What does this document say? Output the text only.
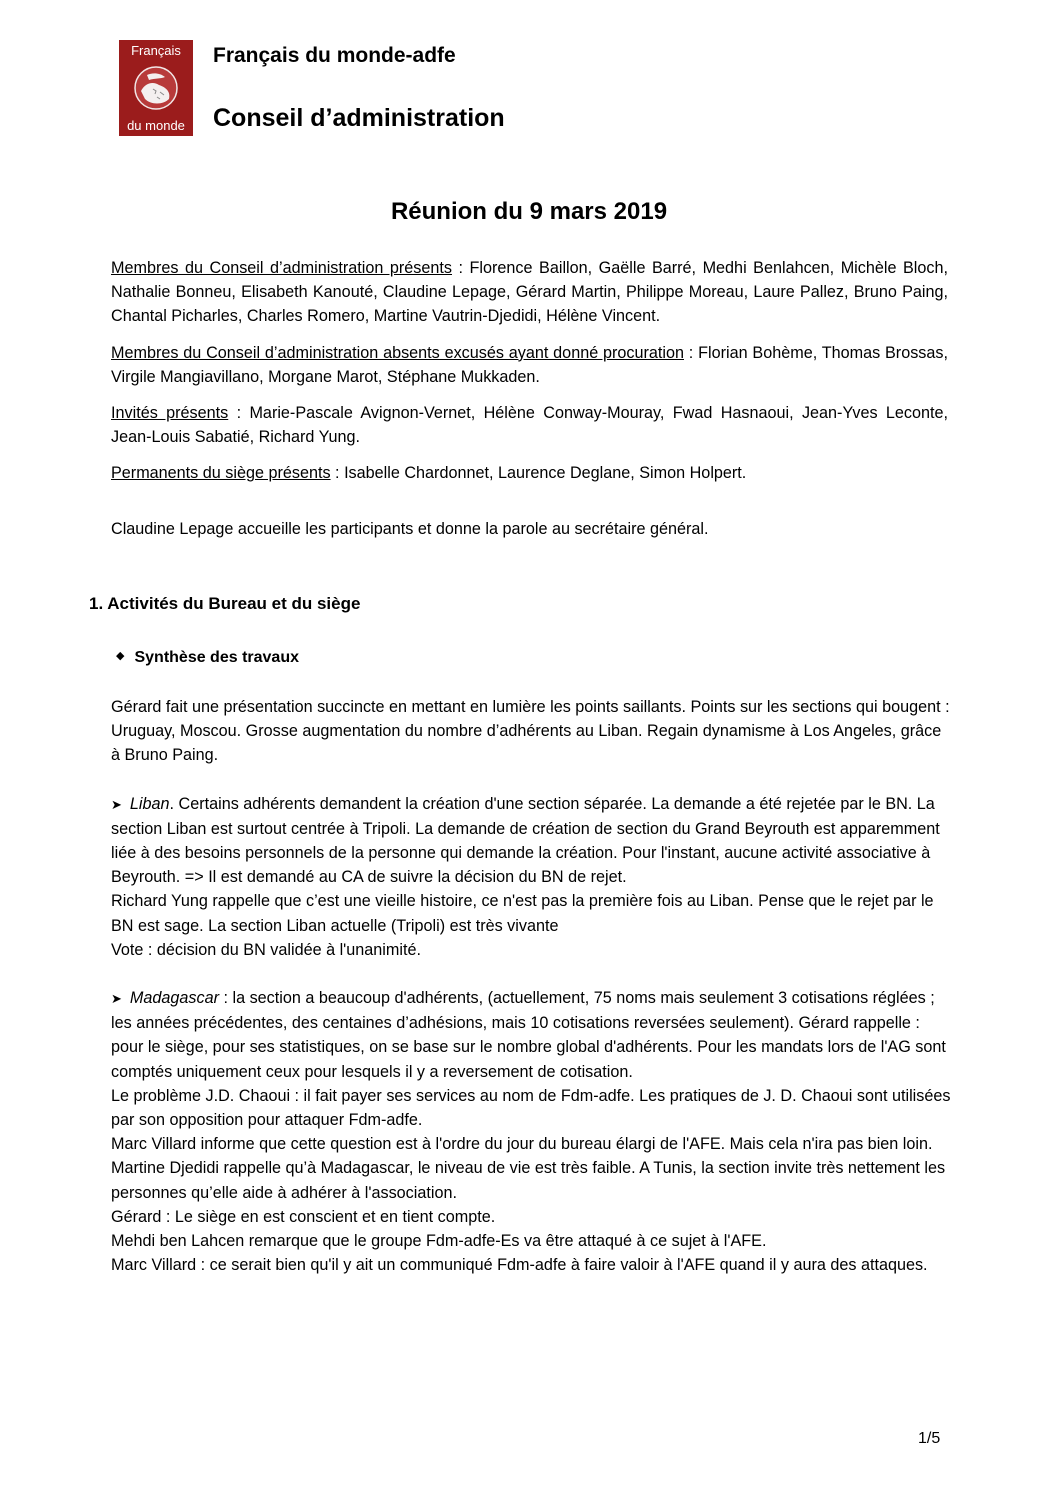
Français
du monde
Français du monde-adfe
Conseil d’administration
Réunion du 9 mars 2019

Membres du Conseil d’administration présents : Florence Baillon, Gaëlle Barré, Medhi Benlahcen, Michèle Bloch, Nathalie Bonneu, Elisabeth Kanouté, Claudine Lepage, Gérard Martin, Philippe Moreau, Laure Pallez, Bruno Paing, Chantal Picharles, Charles Romero, Martine Vautrin-Djedidi, Hélène Vincent.

Membres du Conseil d’administration absents excusés ayant donné procuration : Florian Bohème, Thomas Brossas, Virgile Mangiavillano, Morgane Marot, Stéphane Mukkaden.

Invités présents : Marie-Pascale Avignon-Vernet, Hélène Conway-Mouray, Fwad Hasnaoui, Jean-Yves Leconte, Jean-Louis Sabatié, Richard Yung.

Permanents du siège présents : Isabelle Chardonnet, Laurence Deglane, Simon Holpert.

Claudine Lepage accueille les participants et donne la parole au secrétaire général.

1. Activités du Bureau et du siège
◆ Synthèse des travaux

Gérard fait une présentation succincte en mettant en lumière les points saillants. Points sur les sections qui bougent : Uruguay, Moscou. Grosse augmentation du nombre d’adhérents au Liban. Regain dynamisme à Los Angeles, grâce à Bruno Paing.

➤ Liban. Certains adhérents demandent la création d'une section séparée. La demande a été rejetée par le BN. La section Liban est surtout centrée à Tripoli. La demande de création de section du Grand Beyrouth est apparemment liée à des besoins personnels de la personne qui demande la création. Pour l'instant, aucune activité associative à Beyrouth. => Il est demandé au CA de suivre la décision du BN de rejet.

Richard Yung rappelle que c’est une vieille histoire, ce n'est pas la première fois au Liban. Pense que le rejet par le BN est sage. La section Liban actuelle (Tripoli) est très vivante

Vote : décision du BN validée à l'unanimité.

➤ Madagascar : la section a beaucoup d'adhérents, (actuellement, 75 noms mais seulement 3 cotisations réglées ; les années précédentes, des centaines d’adhésions, mais 10 cotisations reversées seulement). Gérard rappelle : pour le siège, pour ses statistiques, on se base sur le nombre global d'adhérents. Pour les mandats lors de l'AG sont comptés uniquement ceux pour lesquels il y a reversement de cotisation.

Le problème J.D. Chaoui : il fait payer ses services au nom de Fdm-adfe. Les pratiques de J. D. Chaoui sont utilisées par son opposition pour attaquer Fdm-adfe.

Marc Villard informe que cette question est à l'ordre du jour du bureau élargi de l'AFE. Mais cela n'ira pas bien loin.

Martine Djedidi rappelle qu’à Madagascar, le niveau de vie est très faible. A Tunis, la section invite très nettement les personnes qu’elle aide à adhérer à l'association.

Gérard : Le siège en est conscient et en tient compte.

Mehdi ben Lahcen remarque que le groupe Fdm-adfe-Es va être attaqué à ce sujet à l'AFE.

Marc Villard : ce serait bien qu'il y ait un communiqué Fdm-adfe à faire valoir à l'AFE quand il y aura des attaques.

1/5
